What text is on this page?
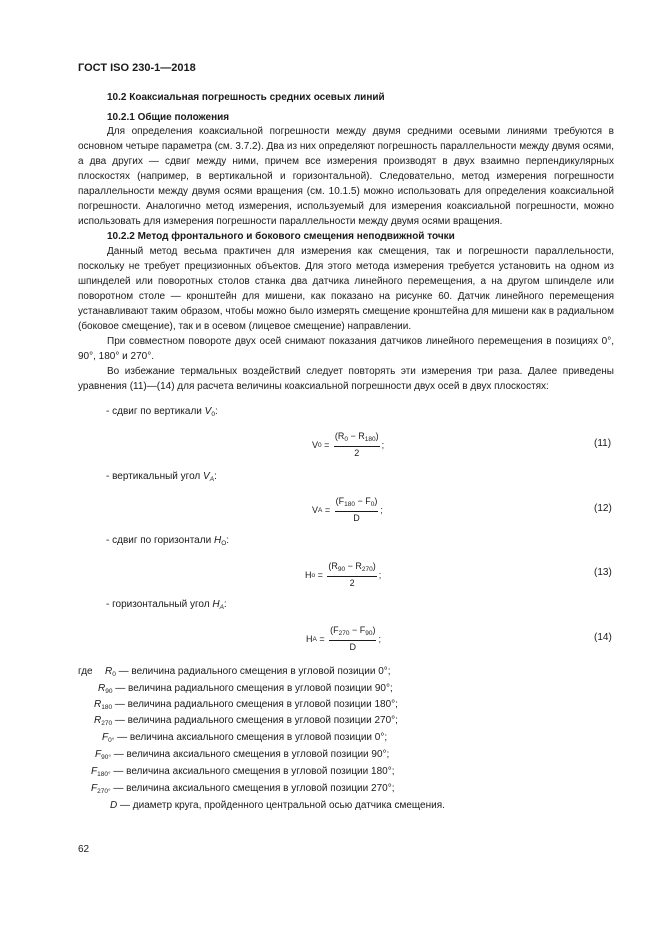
ГОСТ ISO 230-1—2018
10.2 Коаксиальная погрешность средних осевых линий
10.2.1 Общие положения
Для определения коаксиальной погрешности между двумя средними осевыми линиями требуются в основном четыре параметра (см. 3.7.2). Два из них определяют погрешность параллельности между двумя осями, а два других — сдвиг между ними, причем все измерения производят в двух взаимно перпендикулярных плоскостях (например, в вертикальной и горизонтальной). Следовательно, метод измерения погрешности параллельности между двумя осями вращения (см. 10.1.5) можно использовать для определения коаксиальной погрешности. Аналогично метод измерения, используемый для измерения коаксиальной погрешности, можно использовать для измерения погрешности параллельности между двумя осями вращения.
10.2.2 Метод фронтального и бокового смещения неподвижной точки
Данный метод весьма практичен для измерения как смещения, так и погрешности параллельности, поскольку не требует прецизионных объектов. Для этого метода измерения требуется установить на одном из шпинделей или поворотных столов станка два датчика линейного перемещения, а на другом шпинделе или поворотном столе — кронштейн для мишени, как показано на рисунке 60. Датчик линейного перемещения устанавливают таким образом, чтобы можно было измерять смещение кронштейна для мишени как в радиальном (боковое смещение), так и в осевом (лицевое смещение) направлении.
При совместном повороте двух осей снимают показания датчиков линейного перемещения в позициях 0°, 90°, 180° и 270°.
Во избежание термальных воздействий следует повторять эти измерения три раза. Далее приведены уравнения (11)—(14) для расчета величины коаксиальной погрешности двух осей в двух плоскостях:
- сдвиг по вертикали $V_0$:
- вертикальный угол $V_A$:
- сдвиг по горизонтали $H_O$:
- горизонтальный угол $H_A$:
V $0 = \frac{(R_0 - R_{180})}{2}$ ;	(11)
V $A = \frac{(F_{180} - F_0)}{D}$ ;	(12)
H $o = \frac{(R_{90} - R_{270})}{2}$ ;	(13)
H $A = \frac{(F_{270} - F_{90})}{D}$ ;	(14)
где $R_0$ — величина радиального смещения в угловой позиции 0°;
$R_{90}$ — величина радиального смещения в угловой позиции 90°;
$R_{180}$ — величина радиального смещения в угловой позиции 180°;
$R_{270}$ — величина радиального смещения в угловой позиции 270°;
$F_{0^\circ}$ — величина аксиального смещения в угловой позиции 0°;
$F_{90^\circ}$ — величина аксиального смещения в угловой позиции 90°;
$F_{180^\circ}$ — величина аксиального смещения в угловой позиции 180°;
$F_{270^\circ}$ — величина аксиального смещения в угловой позиции 270°;
D — диаметр круга, пройденного центральной осью датчика смещения.
62
